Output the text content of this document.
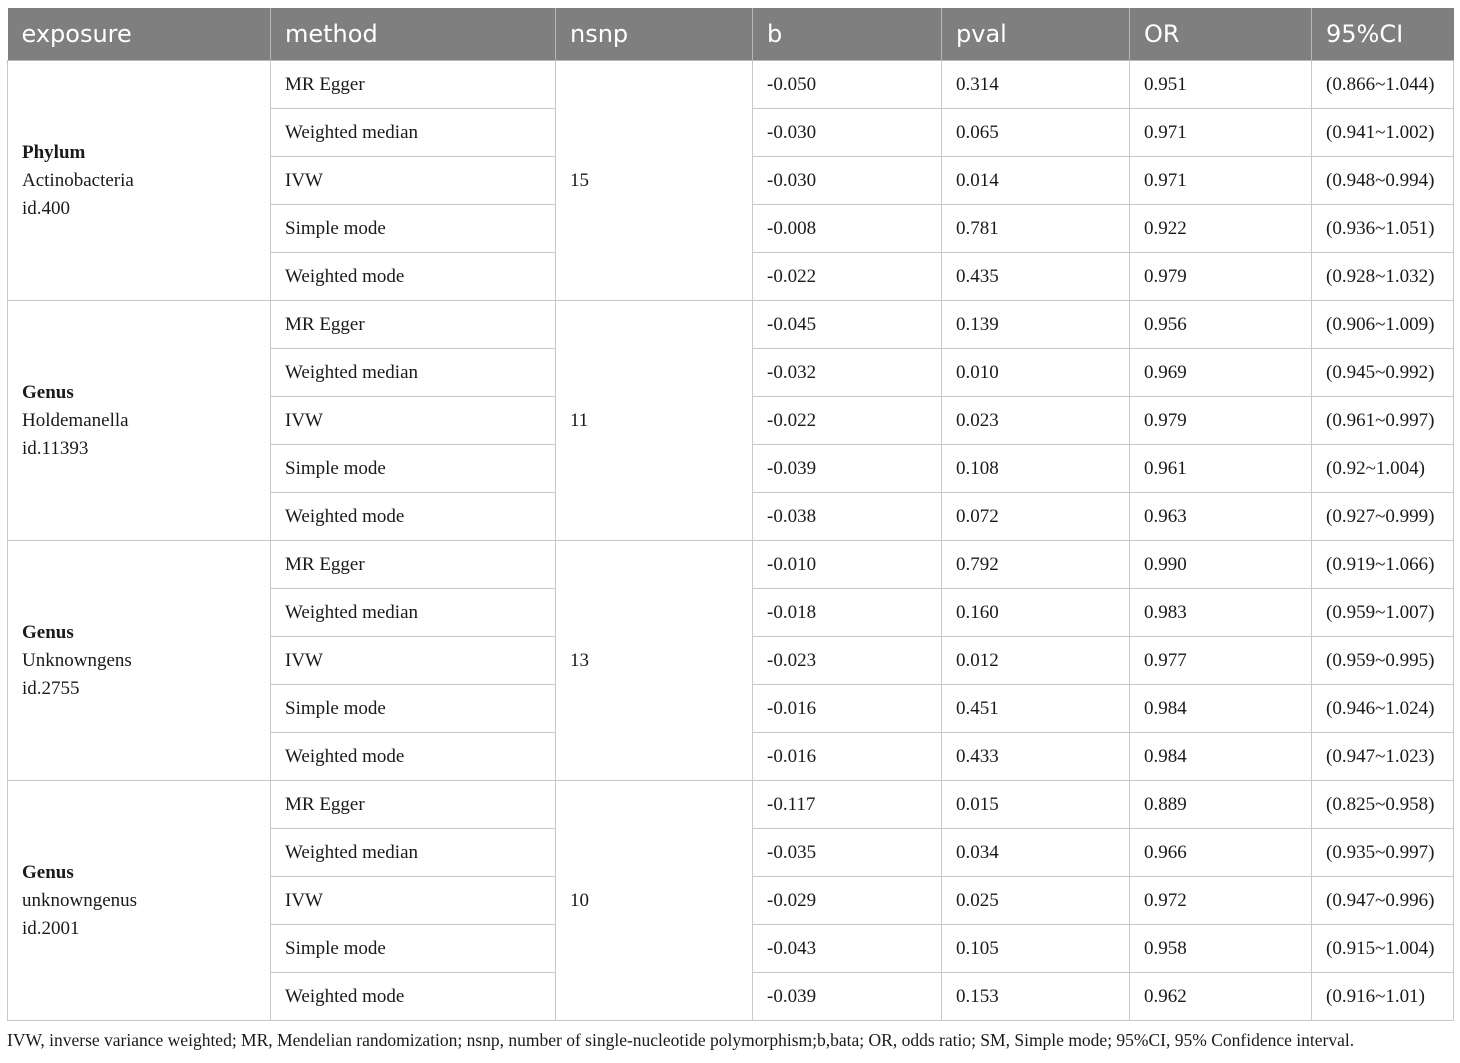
exposure	method	nsnp	b	pval	OR	95%CI

Phylum
Actinobacteria
id.400	MR Egger	15	-0.050	0.314	0.951	(0.866~1.044)
	Weighted median		-0.030	0.065	0.971	(0.941~1.002)
	IVW		-0.030	0.014	0.971	(0.948~0.994)
	Simple mode		-0.008	0.781	0.922	(0.936~1.051)
	Weighted mode		-0.022	0.435	0.979	(0.928~1.032)

Genus
Holdemanella
id.11393	MR Egger	11	-0.045	0.139	0.956	(0.906~1.009)
	Weighted median		-0.032	0.010	0.969	(0.945~0.992)
	IVW		-0.022	0.023	0.979	(0.961~0.997)
	Simple mode		-0.039	0.108	0.961	(0.92~1.004)
	Weighted mode		-0.038	0.072	0.963	(0.927~0.999)

Genus
Unknowngens
id.2755	MR Egger	13	-0.010	0.792	0.990	(0.919~1.066)
	Weighted median		-0.018	0.160	0.983	(0.959~1.007)
	IVW		-0.023	0.012	0.977	(0.959~0.995)
	Simple mode		-0.016	0.451	0.984	(0.946~1.024)
	Weighted mode		-0.016	0.433	0.984	(0.947~1.023)

Genus
unknowngenus
id.2001	MR Egger	10	-0.117	0.015	0.889	(0.825~0.958)
	Weighted median		-0.035	0.034	0.966	(0.935~0.997)
	IVW		-0.029	0.025	0.972	(0.947~0.996)
	Simple mode		-0.043	0.105	0.958	(0.915~1.004)
	Weighted mode		-0.039	0.153	0.962	(0.916~1.01)
IVW, inverse variance weighted; MR, Mendelian randomization; nsnp, number of single-nucleotide polymorphism;b,bata; OR, odds ratio; SM, Simple mode; 95%CI, 95% Confidence interval.
